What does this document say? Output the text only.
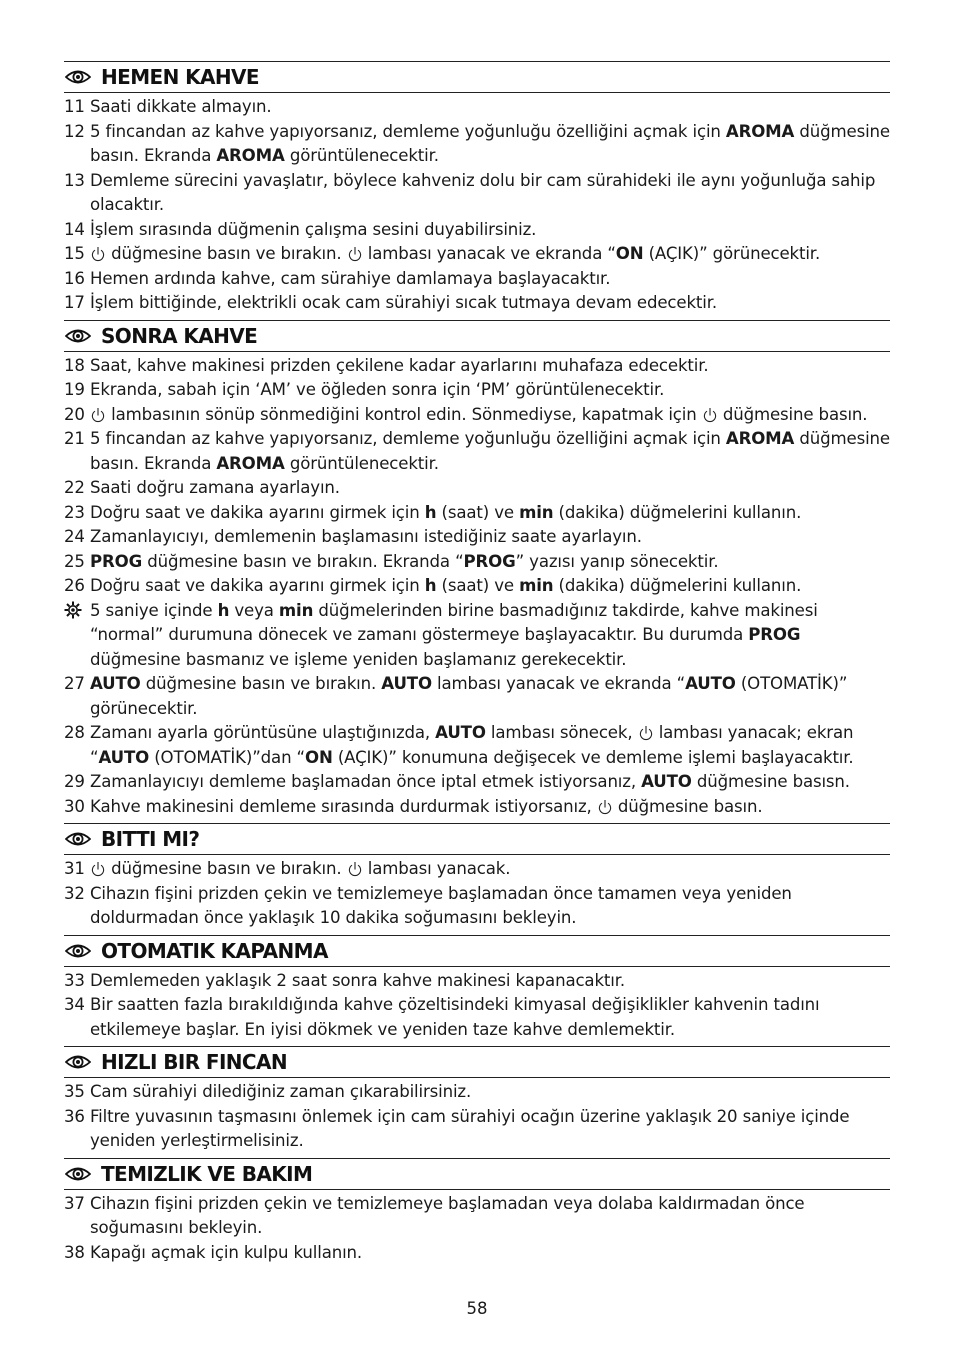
HEMEN KAHVE
11 Saati dikkate almayın.
12 5 fincandan az kahve yapıyorsanız, demleme yoğunluğu özelliğini açmak için AROMA düğmesine basın. Ekranda AROMA görüntülenecektir.
13 Demleme sürecini yavaşlatır, böylece kahveniz dolu bir cam sürahideki ile aynı yoğunluğa sahip olacaktır.
14 İşlem sırasında düğmenin çalışma sesini duyabilirsiniz.
15	düğmesine basın ve bırakın.  lambası yanacak ve ekranda “ON (AÇIK)” görünecektir.
16 Hemen ardında kahve, cam sürahiye damlamaya başlayacaktır.
17 İşlem bittiğinde, elektrikli ocak cam sürahiyi sıcak tutmaya devam edecektir.
SONRA KAHVE
18 Saat, kahve makinesi prizden çekilene kadar ayarlarını muhafaza edecektir.
19 Ekranda, sabah için ‘AM’ ve öğleden sonra için ‘PM’ görüntülenecektir.
20	lambasının sönüp sönmediğini kontrol edin. Sönmediyse, kapatmak için  düğmesine basın.
21 5 fincandan az kahve yapıyorsanız, demleme yoğunluğu özelliğini açmak için AROMA düğmesine basın. Ekranda AROMA görüntülenecektir.
22 Saati doğru zamana ayarlayın.
23 Doğru saat ve dakika ayarını girmek için h (saat) ve min (dakika) düğmelerini kullanın.
24 Zamanlayıcıyı, demlemenin başlamasını istediğiniz saate ayarlayın.
25 PROG düğmesine basın ve bırakın. Ekranda “PROG” yazısı yanıp sönecektir.
26 Doğru saat ve dakika ayarını girmek için h (saat) ve min (dakika) düğmelerini kullanın.
5 saniye içinde h veya min düğmelerinden birine basmadığınız takdirde, kahve makinesi “normal” durumuna dönecek ve zamanı göstermeye başlayacaktır. Bu durumda PROG düğmesine basmanız ve işleme yeniden başlamanız gerekecektir.
27 AUTO düğmesine basın ve bırakın. AUTO lambası yanacak ve ekranda “AUTO (OTOMATİK)” görünecektir.
28 Zamanı ayarla görüntüsüne ulaştığınızda, AUTO lambası sönecek,  lambası yanacak; ekran “AUTO (OTOMATİK)”dan “ON (AÇIK)” konumuna değişecek ve demleme işlemi başlayacaktır.
29 Zamanlayıcıyı demleme başlamadan önce iptal etmek istiyorsanız, AUTO düğmesine basısn.
30 Kahve makinesini demleme sırasında durdurmak istiyorsanız,  düğmesine basın.
BITTI MI?
31	düğmesine basın ve bırakın.  lambası yanacak.
32 Cihazın fişini prizden çekin ve temizlemeye başlamadan önce tamamen veya yeniden doldurmadan önce yaklaşık 10 dakika soğumasını bekleyin.
OTOMATIK KAPANMA
33 Demlemeden yaklaşık 2 saat sonra kahve makinesi kapanacaktır.
34 Bir saatten fazla bırakıldığında kahve çözeltisindeki kimyasal değişiklikler kahvenin tadını etkilemeye başlar. En iyisi dökmek ve yeniden taze kahve demlemektir.
HIZLI BIR FINCAN
35 Cam sürahiyi dilediğiniz zaman çıkarabilirsiniz.
36 Filtre yuvasının taşmasını önlemek için cam sürahiyi ocağın üzerine yaklaşık 20 saniye içinde yeniden yerleştirmelisiniz.
TEMIZLIK VE BAKIM
37 Cihazın fişini prizden çekin ve temizlemeye başlamadan veya dolaba kaldırmadan önce soğumasını bekleyin.
38 Kapağı açmak için kulpu kullanın.
58
